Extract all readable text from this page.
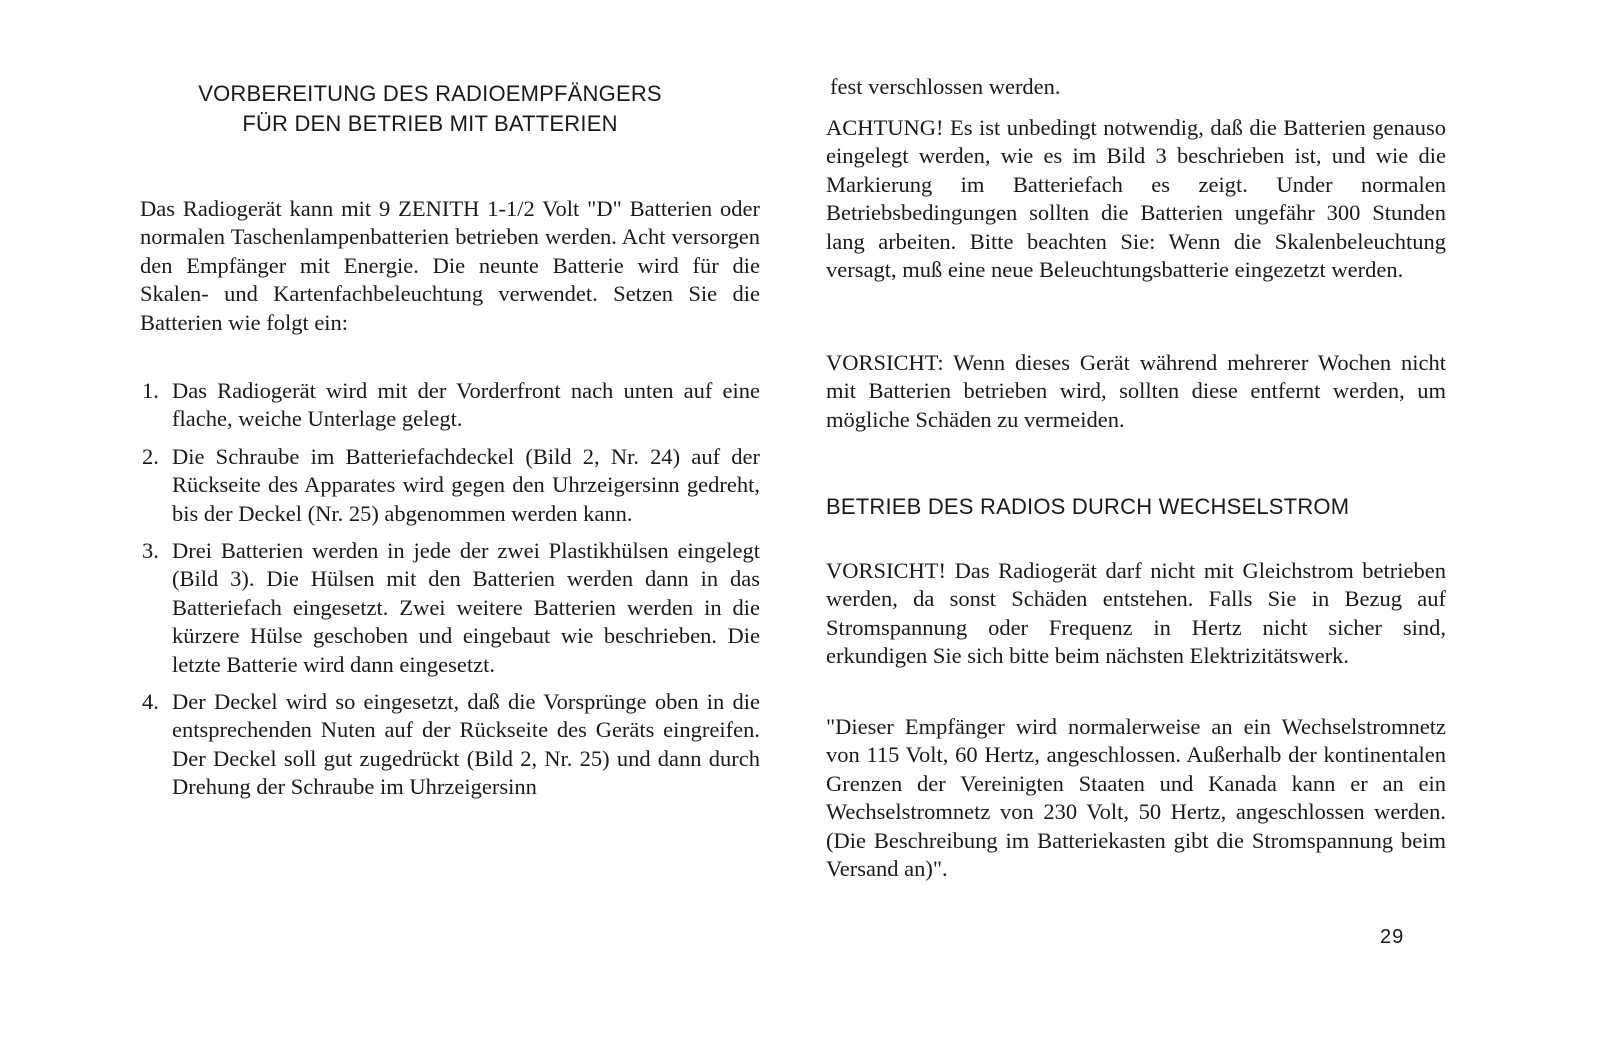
VORBEREITUNG DES RADIOEMPFÄNGERS
FÜR DEN BETRIEB MIT BATTERIEN

Das Radiogerät kann mit 9 ZENITH 1-1/2 Volt "D" Batterien oder normalen Taschenlampenbatterien betrieben werden. Acht versorgen den Empfänger mit Energie. Die neunte Batterie wird für die Skalen- und Kartenfachbeleuchtung verwendet. Setzen Sie die Batterien wie folgt ein:

1. Das Radiogerät wird mit der Vorderfront nach unten auf eine flache, weiche Unterlage gelegt.
2. Die Schraube im Batteriefachdeckel (Bild 2, Nr. 24) auf der Rückseite des Apparates wird gegen den Uhrzeigersinn gedreht, bis der Deckel (Nr. 25) abgenommen werden kann.
3. Drei Batterien werden in jede der zwei Plastikhülsen eingelegt (Bild 3). Die Hülsen mit den Batterien werden dann in das Batteriefach eingesetzt. Zwei weitere Batterien werden in die kürzere Hülse geschoben und eingebaut wie beschrieben. Die letzte Batterie wird dann eingesetzt.
4. Der Deckel wird so eingesetzt, daß die Vorsprünge oben in die entsprechenden Nuten auf der Rückseite des Geräts eingreifen. Der Deckel soll gut zugedrückt (Bild 2, Nr. 25) und dann durch Drehung der Schraube im Uhrzeigersinn

fest verschlossen werden.

ACHTUNG! Es ist unbedingt notwendig, daß die Batterien genauso eingelegt werden, wie es im Bild 3 beschrieben ist, und wie die Markierung im Batteriefach es zeigt. Under normalen Betriebsbedingungen sollten die Batterien ungefähr 300 Stunden lang arbeiten. Bitte beachten Sie: Wenn die Skalenbeleuchtung versagt, muß eine neue Beleuchtungsbatterie eingezetzt werden.

VORSICHT: Wenn dieses Gerät während mehrerer Wochen nicht mit Batterien betrieben wird, sollten diese entfernt werden, um mögliche Schäden zu vermeiden.

BETRIEB DES RADIOS DURCH WECHSELSTROM

VORSICHT! Das Radiogerät darf nicht mit Gleichstrom betrieben werden, da sonst Schäden entstehen. Falls Sie in Bezug auf Stromspannung oder Frequenz in Hertz nicht sicher sind, erkundigen Sie sich bitte beim nächsten Elektrizitätswerk.

"Dieser Empfänger wird normalerweise an ein Wechselstromnetz von 115 Volt, 60 Hertz, angeschlossen. Außerhalb der kontinentalen Grenzen der Vereinigten Staaten und Kanada kann er an ein Wechselstromnetz von 230 Volt, 50 Hertz, angeschlossen werden. (Die Beschreibung im Batteriekasten gibt die Stromspannung beim Versand an)".

29
